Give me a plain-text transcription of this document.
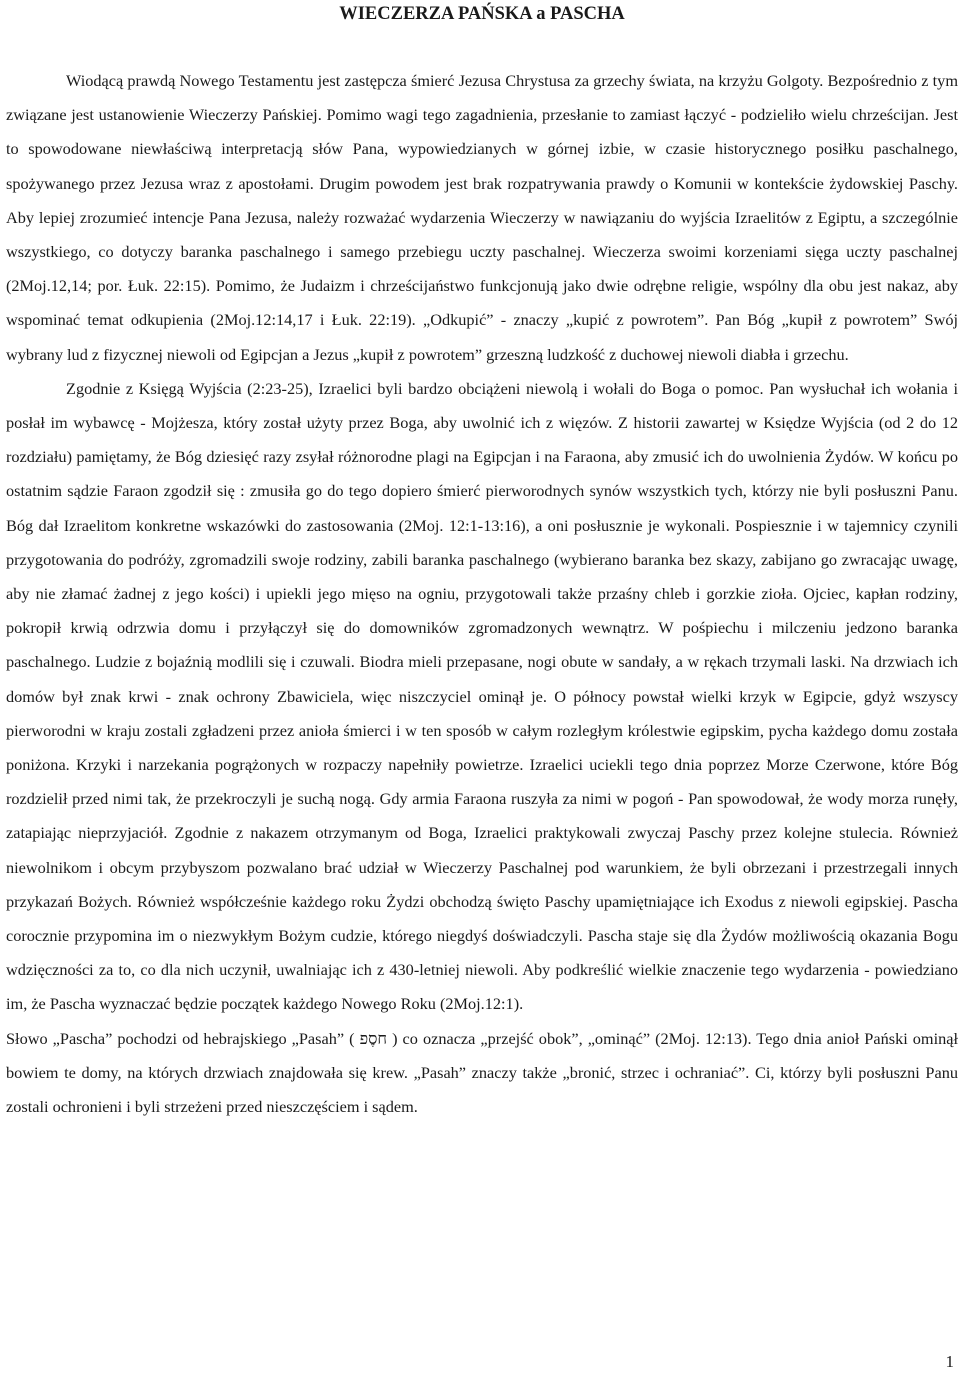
WIECZERZA PAŃSKA a PASCHA

Wiodącą prawdą Nowego Testamentu jest zastępcza śmierć Jezusa Chrystusa za grzechy świata, na krzyżu Golgoty. Bezpośrednio z tym związane jest ustanowienie Wieczerzy Pańskiej. Pomimo wagi tego zagadnienia, przesłanie to zamiast łączyć - podzieliło wielu chrześcijan. Jest to spowodowane niewłaściwą interpretacją słów Pana, wypowiedzianych w górnej izbie, w czasie historycznego posiłku paschalnego, spożywanego przez Jezusa wraz z apostołami. Drugim powodem jest brak rozpatrywania prawdy o Komunii w kontekście żydowskiej Paschy. Aby lepiej zrozumieć intencje Pana Jezusa, należy rozważać wydarzenia Wieczerzy w nawiązaniu do wyjścia Izraelitów z Egiptu, a szczególnie wszystkiego, co dotyczy baranka paschalnego i samego przebiegu uczty paschalnej. Wieczerza swoimi korzeniami sięga uczty paschalnej (2Moj.12,14; por. Łuk. 22:15). Pomimo, że Judaizm i chrześcijaństwo funkcjonują jako dwie odrębne religie, wspólny dla obu jest nakaz, aby wspominać temat odkupienia (2Moj.12:14,17 i Łuk. 22:19). „Odkupić” - znaczy „kupić z powrotem”. Pan Bóg „kupił z powrotem” Swój wybrany lud z fizycznej niewoli od Egipcjan a Jezus „kupił z powrotem” grzeszną ludzkość z duchowej niewoli diabła i grzechu.

Zgodnie z Księgą Wyjścia (2:23-25), Izraelici byli bardzo obciążeni niewolą i wołali do Boga o pomoc. Pan wysłuchał ich wołania i posłał im wybawcę - Mojżesza, który został użyty przez Boga, aby uwolnić ich z więzów. Z historii zawartej w Księdze Wyjścia (od 2 do 12 rozdziału) pamiętamy, że Bóg dziesięć razy zsyłał różnorodne plagi na Egipcjan i na Faraona, aby zmusić ich do uwolnienia Żydów. W końcu po ostatnim sądzie Faraon zgodził się : zmusiła go do tego dopiero śmierć pierworodnych synów wszystkich tych, którzy nie byli posłuszni Panu. Bóg dał Izraelitom konkretne wskazówki do zastosowania (2Moj. 12:1-13:16), a oni posłusznie je wykonali. Pospiesznie i w tajemnicy czynili przygotowania do podróży, zgromadzili swoje rodziny, zabili baranka paschalnego (wybierano baranka bez skazy, zabijano go zwracając uwagę, aby nie złamać żadnej z jego kości) i upiekli jego mięso na ogniu, przygotowali także przaśny chleb i gorzkie zioła. Ojciec, kapłan rodziny, pokropił krwią odrzwia domu i przyłączył się do domowników zgromadzonych wewnątrz. W pośpiechu i milczeniu jedzono baranka paschalnego. Ludzie z bojaźnią modlili się i czuwali. Biodra mieli przepasane, nogi obute w sandały, a w rękach trzymali laski. Na drzwiach ich domów był znak krwi - znak ochrony Zbawiciela, więc niszczyciel ominął je. O północy powstał wielki krzyk w Egipcie, gdyż wszyscy pierworodni w kraju zostali zgładzeni przez anioła śmierci i w ten sposób w całym rozległym królestwie egipskim, pycha każdego domu została poniżona. Krzyki i narzekania pogrążonych w rozpaczy napełniły powietrze. Izraelici uciekli tego dnia poprzez Morze Czerwone, które Bóg rozdzielił przed nimi tak, że przekroczyli je suchą nogą. Gdy armia Faraona ruszyła za nimi w pogoń - Pan spowodował, że wody morza runęły, zatapiając nieprzyjaciół. Zgodnie z nakazem otrzymanym od Boga, Izraelici praktykowali zwyczaj Paschy przez kolejne stulecia. Również niewolnikom i obcym przybyszom pozwalano brać udział w Wieczerzy Paschalnej pod warunkiem, że byli obrzezani i przestrzegali innych przykazań Bożych. Również współcześnie każdego roku Żydzi obchodzą święto Paschy upamiętniające ich Exodus z niewoli egipskiej. Pascha corocznie przypomina im o niezwykłym Bożym cudzie, którego niegdyś doświadczyli. Pascha staje się dla Żydów możliwością okazania Bogu wdzięczności za to, co dla nich uczynił, uwalniając ich z 430-letniej niewoli. Aby podkreślić wielkie znaczenie tego wydarzenia - powiedziano im, że Pascha wyznaczać będzie początek każdego Nowego Roku (2Moj.12:1).

Słowo „Pascha” pochodzi od hebrajskiego „Pasah” ( חסֶפ ) co oznacza „przejść obok”, „ominąć” (2Moj. 12:13). Tego dnia anioł Pański ominął bowiem te domy, na których drzwiach znajdowała się krew. „Pasah” znaczy także „bronić, strzec i ochraniać”. Ci, którzy byli posłuszni Panu zostali ochronieni i byli strzeżeni przed nieszczęściem i sądem.

1
